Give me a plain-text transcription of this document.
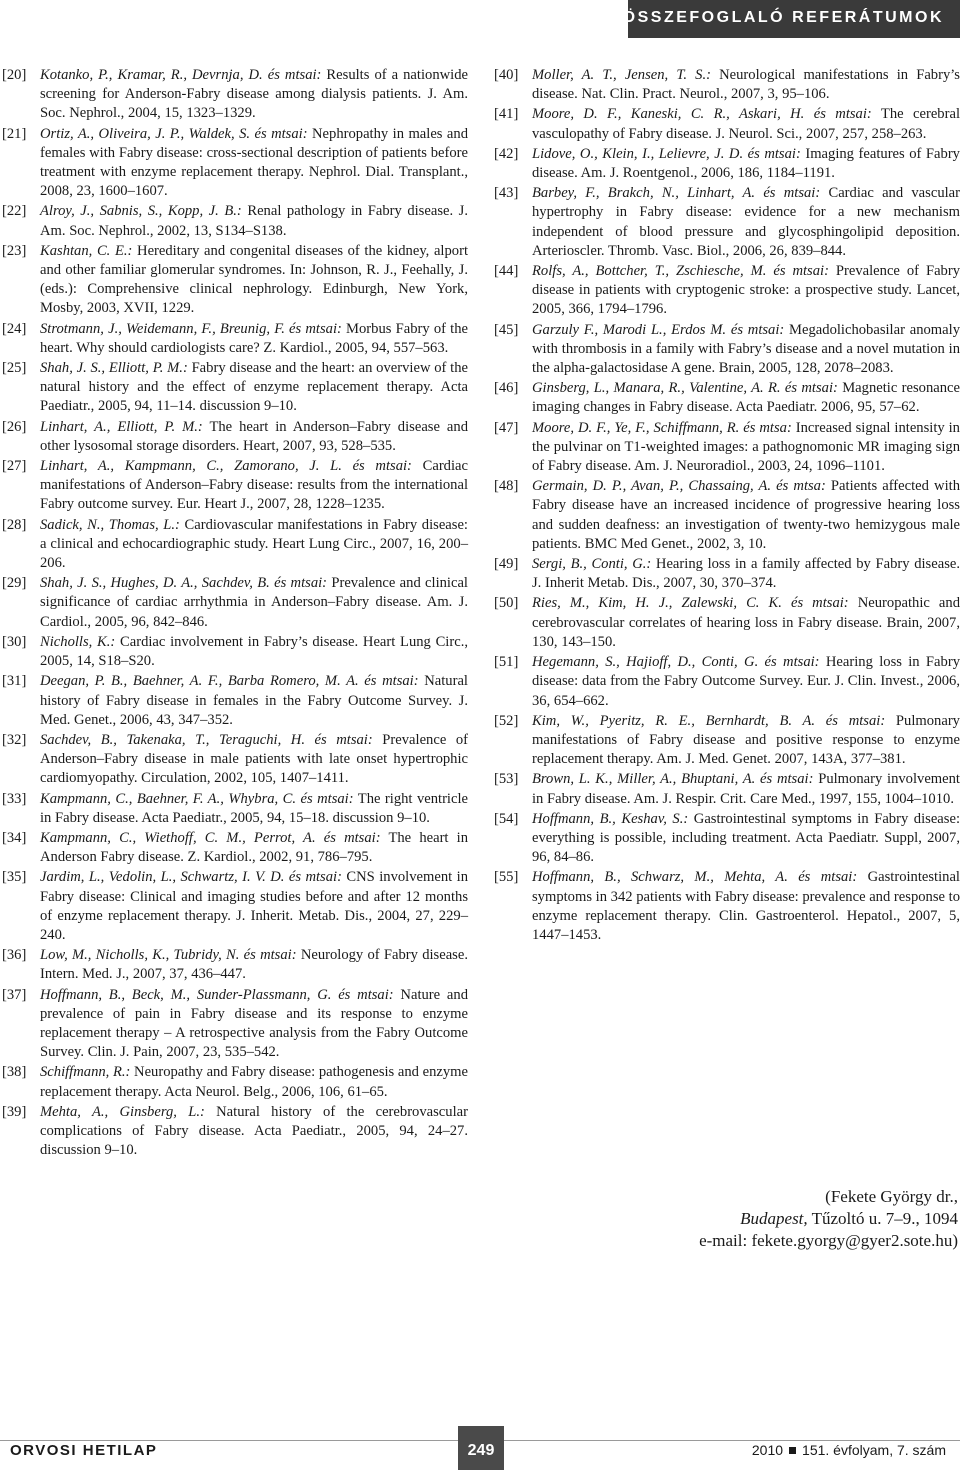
ÖSSZEFOGLALÓ REFERÁTUMOK
[20] Kotanko, P., Kramar, R., Devrnja, D. és mtsai: Results of a nationwide screening for Anderson-Fabry disease among dialysis patients. J. Am. Soc. Nephrol., 2004, 15, 1323–1329.
[21] Ortiz, A., Oliveira, J. P., Waldek, S. és mtsai: Nephropathy in males and females with Fabry disease: cross-sectional description of patients before treatment with enzyme replacement therapy. Nephrol. Dial. Transplant., 2008, 23, 1600–1607.
[22] Alroy, J., Sabnis, S., Kopp, J. B.: Renal pathology in Fabry disease. J. Am. Soc. Nephrol., 2002, 13, S134–S138.
[23] Kashtan, C. E.: Hereditary and congenital diseases of the kidney, alport and other familiar glomerular syndromes. In: Johnson, R. J., Feehally, J. (eds.): Comprehensive clinical nephrology. Edinburgh, New York, Mosby, 2003, XVII, 1229.
[24] Strotmann, J., Weidemann, F., Breunig, F. és mtsai: Morbus Fabry of the heart. Why should cardiologists care? Z. Kardiol., 2005, 94, 557–563.
[25] Shah, J. S., Elliott, P. M.: Fabry disease and the heart: an overview of the natural history and the effect of enzyme replacement therapy. Acta Paediatr., 2005, 94, 11–14. discussion 9–10.
[26] Linhart, A., Elliott, P. M.: The heart in Anderson–Fabry disease and other lysosomal storage disorders. Heart, 2007, 93, 528–535.
[27] Linhart, A., Kampmann, C., Zamorano, J. L. és mtsai: Cardiac manifestations of Anderson–Fabry disease: results from the international Fabry outcome survey. Eur. Heart J., 2007, 28, 1228–1235.
[28] Sadick, N., Thomas, L.: Cardiovascular manifestations in Fabry disease: a clinical and echocardiographic study. Heart Lung Circ., 2007, 16, 200–206.
[29] Shah, J. S., Hughes, D. A., Sachdev, B. és mtsai: Prevalence and clinical significance of cardiac arrhythmia in Anderson–Fabry disease. Am. J. Cardiol., 2005, 96, 842–846.
[30] Nicholls, K.: Cardiac involvement in Fabry’s disease. Heart Lung Circ., 2005, 14, S18–S20.
[31] Deegan, P. B., Baehner, A. F., Barba Romero, M. A. és mtsai: Natural history of Fabry disease in females in the Fabry Outcome Survey. J. Med. Genet., 2006, 43, 347–352.
[32] Sachdev, B., Takenaka, T., Teraguchi, H. és mtsai: Prevalence of Anderson–Fabry disease in male patients with late onset hypertrophic cardiomyopathy. Circulation, 2002, 105, 1407–1411.
[33] Kampmann, C., Baehner, F. A., Whybra, C. és mtsai: The right ventricle in Fabry disease. Acta Paediatr., 2005, 94, 15–18. discussion 9–10.
[34] Kampmann, C., Wiethoff, C. M., Perrot, A. és mtsai: The heart in Anderson Fabry disease. Z. Kardiol., 2002, 91, 786–795.
[35] Jardim, L., Vedolin, L., Schwartz, I. V. D. és mtsai: CNS involvement in Fabry disease: Clinical and imaging studies before and after 12 months of enzyme replacement therapy. J. Inherit. Metab. Dis., 2004, 27, 229–240.
[36] Low, M., Nicholls, K., Tubridy, N. és mtsai: Neurology of Fabry disease. Intern. Med. J., 2007, 37, 436–447.
[37] Hoffmann, B., Beck, M., Sunder-Plassmann, G. és mtsai: Nature and prevalence of pain in Fabry disease and its response to enzyme replacement therapy – A retrospective analysis from the Fabry Outcome Survey. Clin. J. Pain, 2007, 23, 535–542.
[38] Schiffmann, R.: Neuropathy and Fabry disease: pathogenesis and enzyme replacement therapy. Acta Neurol. Belg., 2006, 106, 61–65.
[39] Mehta, A., Ginsberg, L.: Natural history of the cerebrovascular complications of Fabry disease. Acta Paediatr., 2005, 94, 24–27. discussion 9–10.
[40] Moller, A. T., Jensen, T. S.: Neurological manifestations in Fabry’s disease. Nat. Clin. Pract. Neurol., 2007, 3, 95–106.
[41] Moore, D. F., Kaneski, C. R., Askari, H. és mtsai: The cerebral vasculopathy of Fabry disease. J. Neurol. Sci., 2007, 257, 258–263.
[42] Lidove, O., Klein, I., Lelievre, J. D. és mtsai: Imaging features of Fabry disease. Am. J. Roentgenol., 2006, 186, 1184–1191.
[43] Barbey, F., Brakch, N., Linhart, A. és mtsai: Cardiac and vascular hypertrophy in Fabry disease: evidence for a new mechanism independent of blood pressure and glycosphingolipid deposition. Arterioscler. Thromb. Vasc. Biol., 2006, 26, 839–844.
[44] Rolfs, A., Bottcher, T., Zschiesche, M. és mtsai: Prevalence of Fabry disease in patients with cryptogenic stroke: a prospective study. Lancet, 2005, 366, 1794–1796.
[45] Garzuly F., Marodi L., Erdos M. és mtsai: Megadolichobasilar anomaly with thrombosis in a family with Fabry’s disease and a novel mutation in the alpha-galactosidase A gene. Brain, 2005, 128, 2078–2083.
[46] Ginsberg, L., Manara, R., Valentine, A. R. és mtsai: Magnetic resonance imaging changes in Fabry disease. Acta Paediatr. 2006, 95, 57–62.
[47] Moore, D. F., Ye, F., Schiffmann, R. és mtsa: Increased signal intensity in the pulvinar on T1-weighted images: a pathognomonic MR imaging sign of Fabry disease. Am. J. Neuroradiol., 2003, 24, 1096–1101.
[48] Germain, D. P., Avan, P., Chassaing, A. és mtsa: Patients affected with Fabry disease have an increased incidence of progressive hearing loss and sudden deafness: an investigation of twenty-two hemizygous male patients. BMC Med Genet., 2002, 3, 10.
[49] Sergi, B., Conti, G.: Hearing loss in a family affected by Fabry disease. J. Inherit Metab. Dis., 2007, 30, 370–374.
[50] Ries, M., Kim, H. J., Zalewski, C. K. és mtsai: Neuropathic and cerebrovascular correlates of hearing loss in Fabry disease. Brain, 2007, 130, 143–150.
[51] Hegemann, S., Hajioff, D., Conti, G. és mtsai: Hearing loss in Fabry disease: data from the Fabry Outcome Survey. Eur. J. Clin. Invest., 2006, 36, 654–662.
[52] Kim, W., Pyeritz, R. E., Bernhardt, B. A. és mtsai: Pulmonary manifestations of Fabry disease and positive response to enzyme replacement therapy. Am. J. Med. Genet. 2007, 143A, 377–381.
[53] Brown, L. K., Miller, A., Bhuptani, A. és mtsai: Pulmonary involvement in Fabry disease. Am. J. Respir. Crit. Care Med., 1997, 155, 1004–1010.
[54] Hoffmann, B., Keshav, S.: Gastrointestinal symptoms in Fabry disease: everything is possible, including treatment. Acta Paediatr. Suppl, 2007, 96, 84–86.
[55] Hoffmann, B., Schwarz, M., Mehta, A. és mtsai: Gastrointestinal symptoms in 342 patients with Fabry disease: prevalence and response to enzyme replacement therapy. Clin. Gastroenterol. Hepatol., 2007, 5, 1447–1453.
(Fekete György dr.,
Budapest, Tűzoltó u. 7–9., 1094
e-mail: fekete.gyorgy@gyer2.sote.hu)
ORVOSI HETILAP	249	2010 151. évfolyam, 7. szám
